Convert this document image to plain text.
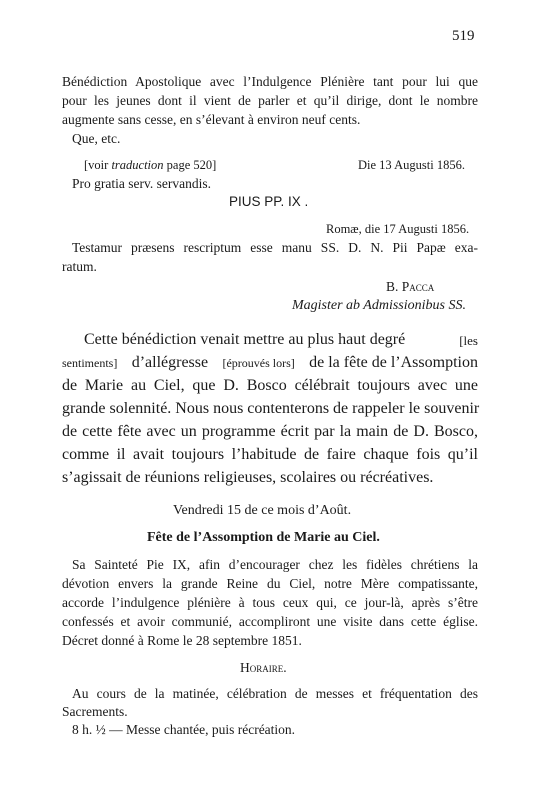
519
Bénédiction Apostolique avec l’Indulgence Plénière tant pour lui que
pour les jeunes dont il vient de parler et qu’il dirige, dont le nombre
augmente sans cesse, en s’élevant à environ neuf cents.
Que, etc.
[voir traduction page 520]	Die 13 Augusti 1856.
Pro gratia serv. servandis.
PIUS PP. IX .
Romæ, die 17 Augusti 1856.
Testamur præsens rescriptum esse manu SS. D. N. Pii Papæ exa-
ratum.
B. Pacca
Magister ab Admissionibus SS.
Cette bénédiction venait mettre au plus haut degré	[les
sentiments] d’allégresse [éprouvés lors] de la fête de l’Assomption
de Marie au Ciel, que D. Bosco célébrait toujours avec une
grande solennité. Nous nous contenterons de rappeler le souvenir
de cette fête avec un programme écrit par la main de D. Bosco,
comme il avait toujours l’habitude de faire chaque fois qu’il
s’agissait de réunions religieuses, scolaires ou récréatives.
Vendredi 15 de ce mois d’Août.
Fête de l’Assomption de Marie au Ciel.
Sa Sainteté Pie IX, afin d’encourager chez les fidèles chrétiens la
dévotion envers la grande Reine du Ciel, notre Mère compatissante,
accorde l’indulgence plénière à tous ceux qui, ce jour-là, après s’être
confessés et avoir communié, accompliront une visite dans cette église.
Décret donné à Rome le 28 septembre 1851.
Horaire.
Au cours de la matinée, célébration de messes et fréquentation des
Sacrements.
8 h. ½ — Messe chantée, puis récréation.
